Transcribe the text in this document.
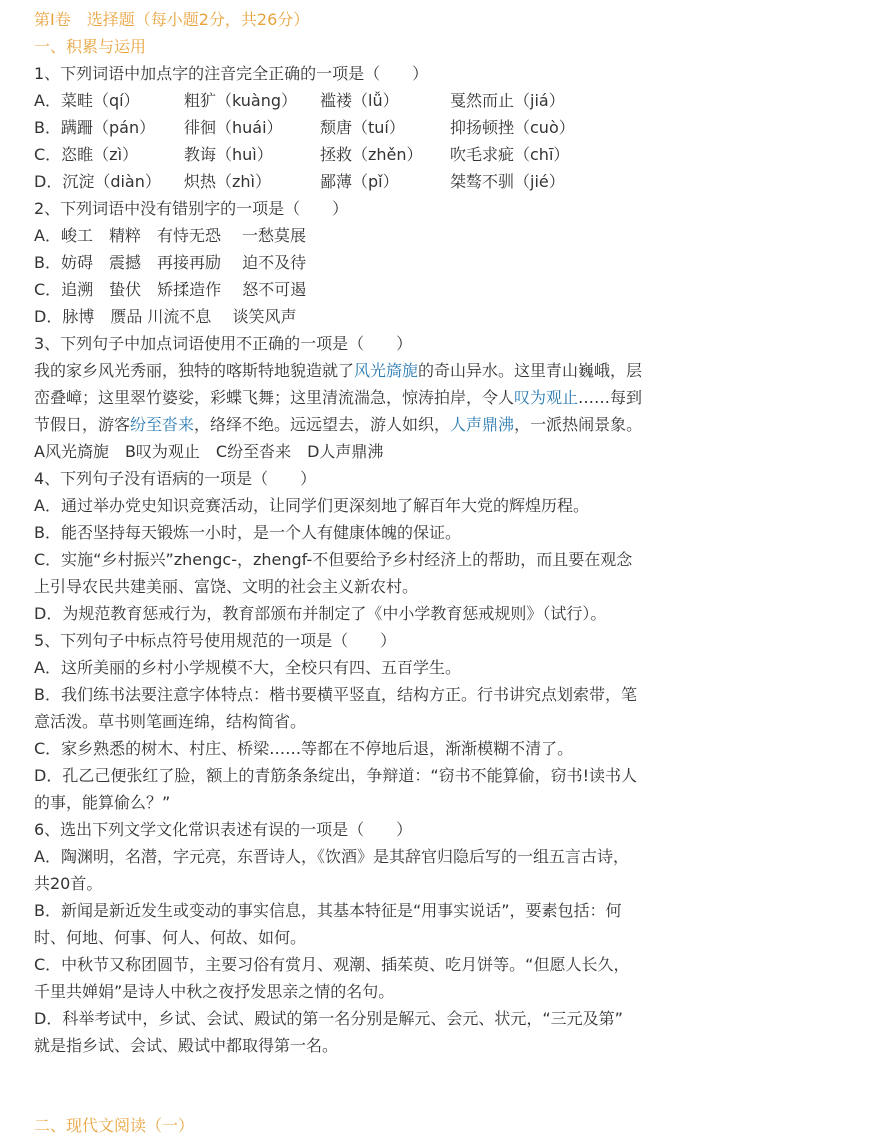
第Ⅰ卷　选择题（每小题2分，共26分）
一、积累与运用
1、下列词语中加点字的注音完全正确的一项是（　　）
A．菜畦（qí）	粗犷（kuàng） 褴褛（lǚ）	戛然而止（jiá）
B．蹒跚（pán） 徘徊（huái） 颓唐（tuí）	抑扬顿挫（cuò）
C．恣睢（zì）	教诲（huì）	拯救（zhěn） 吹毛求疵（chī）
D．沉淀（diàn） 炽热（zhì）	鄙薄（pǐ）	桀骜不驯（jié）
2、下列词语中没有错别字的一项是（　　）
A．峻工　精粹　有恃无恐　 一愁莫展
B．妨碍　震撼　再接再励　 迫不及待
C．追溯　蛰伏　矫揉造作　 怒不可遏
D．脉博　赝品 川流不息　 谈笑风声
3、下列句子中加点词语使用不正确的一项是（　　）
我的家乡风光秀丽，独特的喀斯特地貌造就了风光旖旎的奇山异水。这里青山巍峨，层
峦叠嶂；这里翠竹婆娑，彩蝶飞舞；这里清流湍急，惊涛拍岸，令人叹为观止……每到
节假日，游客纷至沓来，络绎不绝。远远望去，游人如织，人声鼎沸，一派热闹景象。
A风光旖旎　B叹为观止　C纷至沓来　D人声鼎沸
4、下列句子没有语病的一项是（　　）
A．通过举办党史知识竞赛活动，让同学们更深刻地了解百年大党的辉煌历程。
B．能否坚持每天锻炼一小时，是一个人有健康体魄的保证。
C．实施“乡村振兴”zhengc-，zhengf-不但要给予乡村经济上的帮助，而且要在观念
上引导农民共建美丽、富饶、文明的社会主义新农村。
D．为规范教育惩戒行为，教育部颁布并制定了《中小学教育惩戒规则》（试行）。
5、下列句子中标点符号使用规范的一项是（　　）
A．这所美丽的乡村小学规模不大，全校只有四、五百学生。
B．我们练书法要注意字体特点：楷书要横平竖直，结构方正。行书讲究点划索带，笔
意活泼。草书则笔画连绵，结构简省。
C．家乡熟悉的树木、村庄、桥梁……等都在不停地后退，渐渐模糊不清了。
D．孔乙己便张红了脸，额上的青筋条条绽出，争辩道：“窃书不能算偷，窃书!读书人
的事，能算偷么？”
6、选出下列文学文化常识表述有误的一项是（　　）
A．陶渊明，名潜，字元亮，东晋诗人，《饮酒》是其辞官归隐后写的一组五言古诗，
共20首。
B．新闻是新近发生或变动的事实信息，其基本特征是“用事实说话”，要素包括：何
时、何地、何事、何人、何故、如何。
C．中秋节又称团圆节，主要习俗有赏月、观潮、插茱萸、吃月饼等。“但愿人长久，
千里共婵娟”是诗人中秋之夜抒发思亲之情的名句。
D．科举考试中，乡试、会试、殿试的第一名分别是解元、会元、状元，“三元及第”
就是指乡试、会试、殿试中都取得第一名。
二、现代文阅读（一）
